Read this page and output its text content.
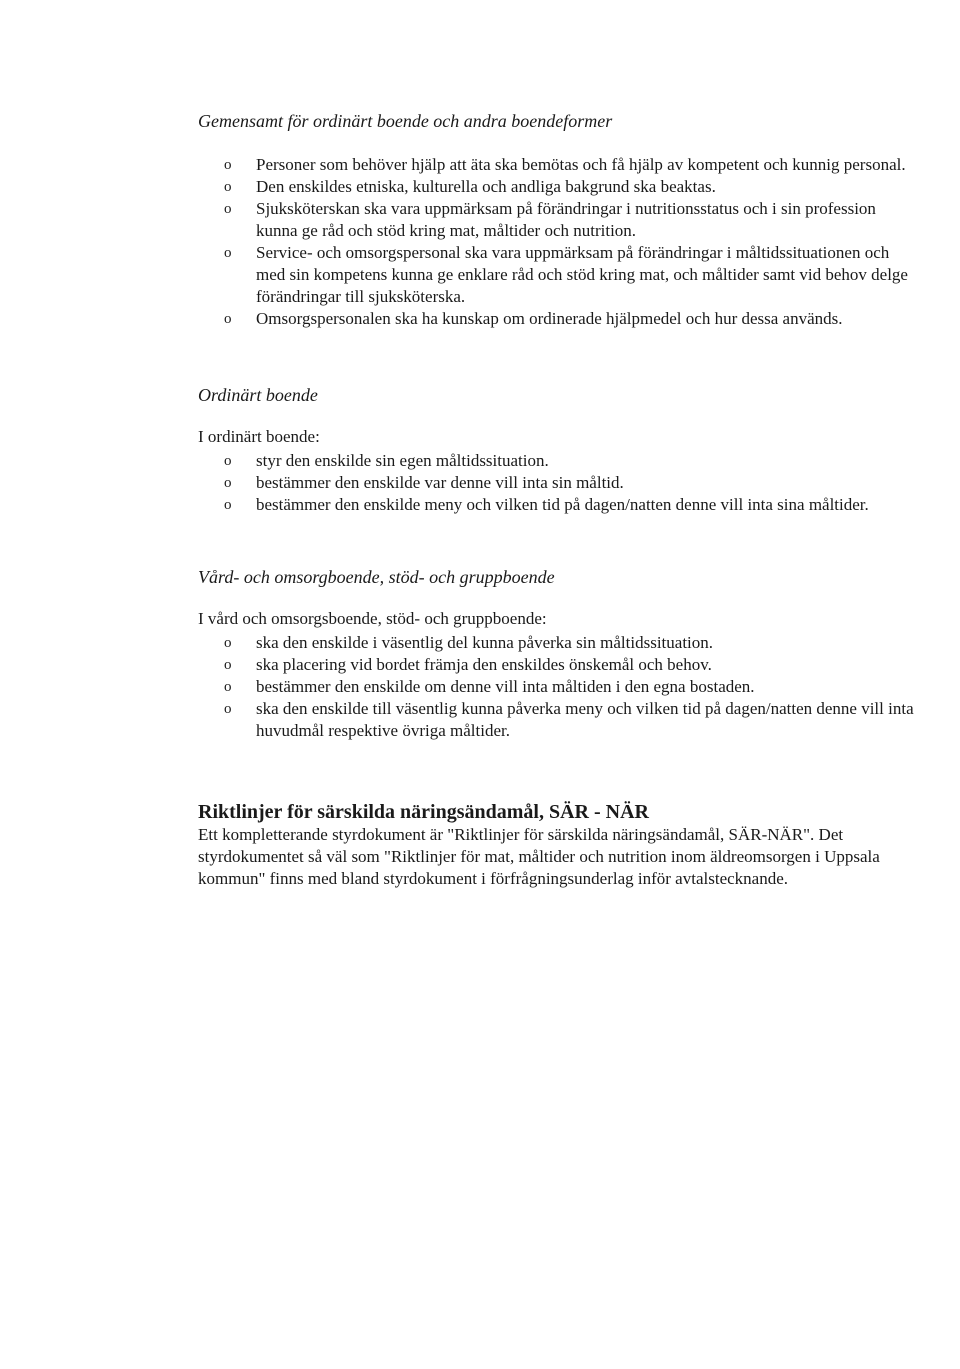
Gemensamt för ordinärt boende och andra boendeformer

o Personer som behöver hjälp att äta ska bemötas och få hjälp av kompetent och kunnig personal.
o Den enskildes etniska, kulturella och andliga bakgrund ska beaktas.
o Sjuksköterskan ska vara uppmärksam på förändringar i nutritionsstatus och i sin profession kunna ge råd och stöd kring mat, måltider och nutrition.
o Service- och omsorgspersonal ska vara uppmärksam på förändringar i måltidssituationen och med sin kompetens kunna ge enklare råd och stöd kring mat, och måltider samt vid behov delge förändringar till sjuksköterska.
o Omsorgspersonalen ska ha kunskap om ordinerade hjälpmedel och hur dessa används.

Ordinärt boende

I ordinärt boende:

o styr den enskilde sin egen måltidssituation.
o bestämmer den enskilde var denne vill inta sin måltid.
o bestämmer den enskilde meny och vilken tid på dagen/natten denne vill inta sina måltider.

Vård- och omsorgboende, stöd- och gruppboende

I vård och omsorgsboende, stöd- och gruppboende:

o ska den enskilde i väsentlig del kunna påverka sin måltidssituation.
o ska placering vid bordet främja den enskildes önskemål och behov.
o bestämmer den enskilde om denne vill inta måltiden i den egna bostaden.
o ska den enskilde till väsentlig kunna påverka meny och vilken tid på dagen/natten denne vill inta huvudmål respektive övriga måltider.

Riktlinjer för särskilda näringsändamål, SÄR - NÄR

Ett kompletterande styrdokument är "Riktlinjer för särskilda näringsändamål, SÄR-NÄR". Det styrdokumentet så väl som "Riktlinjer för mat, måltider och nutrition inom äldreomsorgen i Uppsala kommun" finns med bland styrdokument i förfrågningsunderlag inför avtalstecknande.
